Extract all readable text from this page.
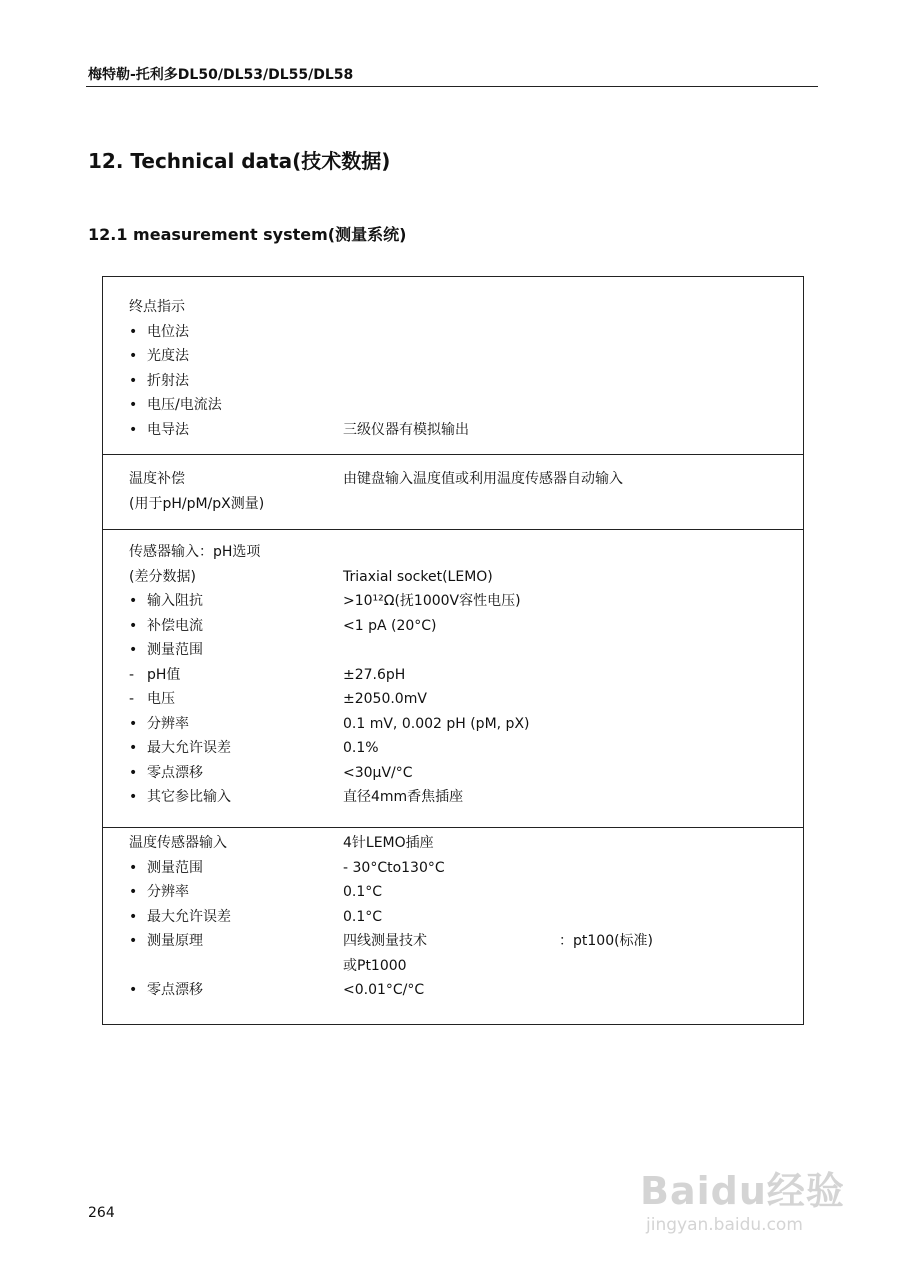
梅特勒-托利多DL50/DL53/DL55/DL58
12. Technical data(技术数据)
12.1 measurement system(测量系统)
终点指示
• 电位法
• 光度法
• 折射法
• 电压/电流法
• 电导法	三级仪器有模拟输出
温度补偿	由键盘输入温度值或利用温度传感器自动输入
(用于pH/pM/pX测量)
传感器输入：pH选项
(差分数据)	Triaxial socket(LEMO)
• 输入阻抗	>10¹²Ω(抚1000V容性电压)
• 补偿电流	<1 pA (20°C)
• 测量范围
- pH值	±27.6pH
- 电压	±2050.0mV
• 分辨率	0.1 mV, 0.002 pH (pM, pX)
• 最大允许误差	0.1%
• 零点漂移	<30µV/°C
• 其它参比输入	直径4mm香焦插座
温度传感器输入	4针LEMO插座
• 测量范围	- 30°Cto130°C
• 分辨率	0.1°C
• 最大允许误差	0.1°C
• 测量原理	四线测量技术	：pt100(标准)
或Pt1000
• 零点漂移	<0.01°C/°C
264	Baidu经验
jingyan.baidu.com
